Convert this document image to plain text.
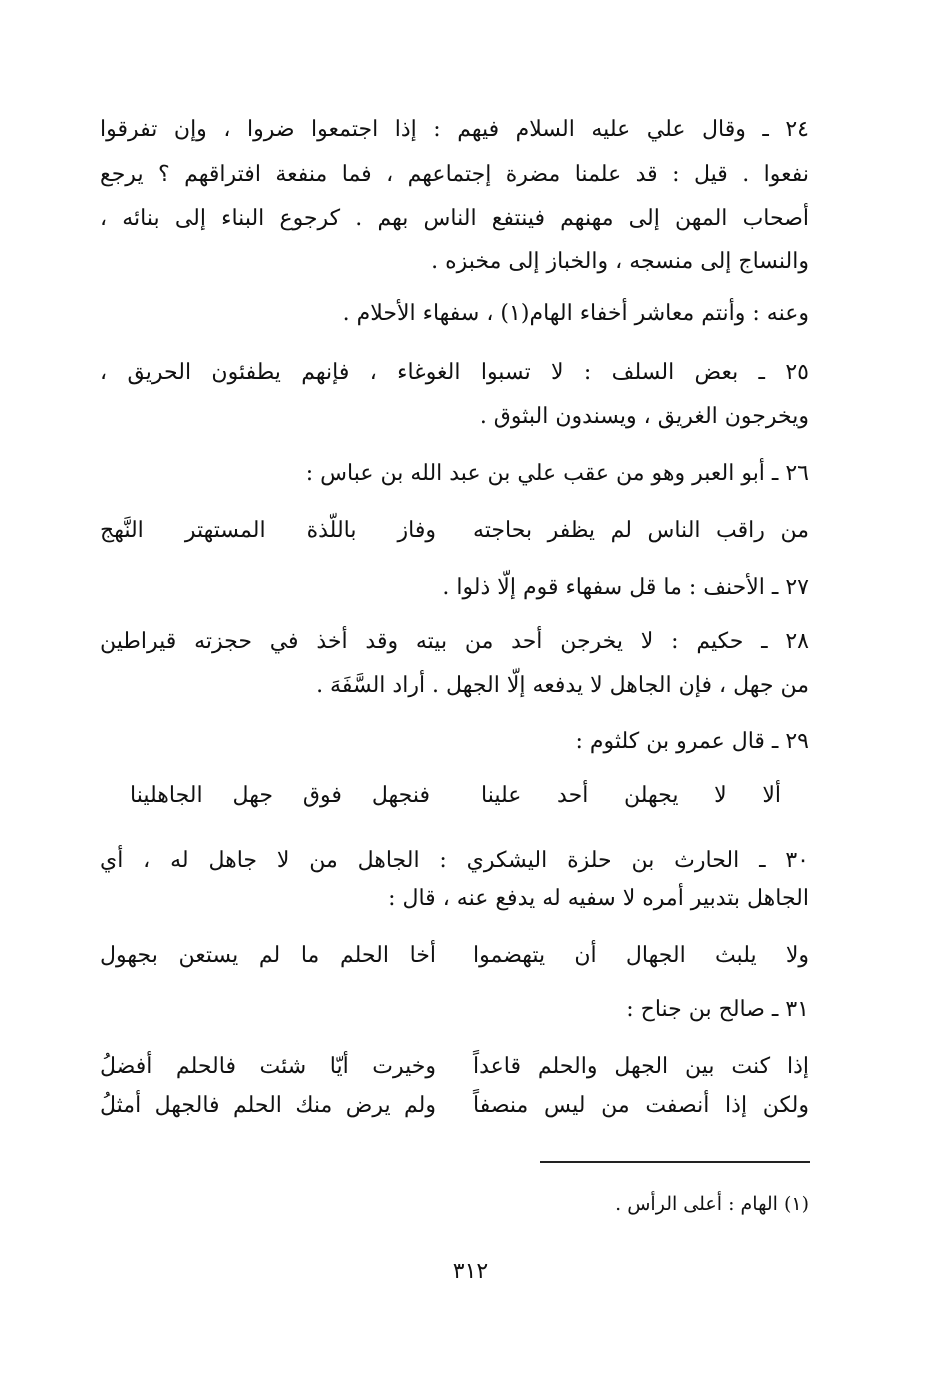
٢٤ ـ وقال علي عليه السلام فيهم : إذا اجتمعوا ضروا ، وإن تفرقوا
نفعوا . قيل : قد علمنا مضرة إجتماعهم ، فما منفعة افتراقهم ؟ يرجع
أصحاب المهن إلى مهنهم فينتفع الناس بهم . كرجوع البناء إلى بنائه ،
والنساج إلى منسجه ، والخباز إلى مخبزه .
وعنه : وأنتم معاشر أخفاء الهام(١) ، سفهاء الأحلام .
٢٥ ـ بعض السلف : لا تسبوا الغوغاء ، فإنهم يطفئون الحريق ،
ويخرجون الغريق ، ويسندون البثوق .
٢٦ ـ أبو العبر وهو من عقب علي بن عبد الله بن عباس :
من راقب الناس لم يظفر بحاجته
وفاز باللّذة المستهتر النَّهج
٢٧ ـ الأحنف : ما قل سفهاء قوم إلّا ذلوا .
٢٨ ـ حكيم : لا يخرجن أحد من بيته وقد أخذ في حجزته قيراطين
من جهل ، فإن الجاهل لا يدفعه إلّا الجهل . أراد السَّفَهَ .
٢٩ ـ قال عمرو بن كلثوم :
ألا لا يجهلن أحد علينا
فنجهل فوق جهل الجاهلينا
٣٠ ـ الحارث بن حلزة اليشكري : الجاهل من لا جاهل له ، أي
الجاهل بتدبير أمره لا سفيه له يدفع عنه ، قال :
ولا يلبث الجهال أن يتهضموا
أخا الحلم ما لم يستعن بجهول
٣١ ـ صالح بن جناح :
إذا كنت بين الجهل والحلم قاعداً
وخيرت أيّا شئت فالحلم أفضلُ
ولكن إذا أنصفت من ليس منصفاً
ولم يرض منك الحلم فالجهل أمثلُ
(١) الهام : أعلى الرأس .
٣١٢
